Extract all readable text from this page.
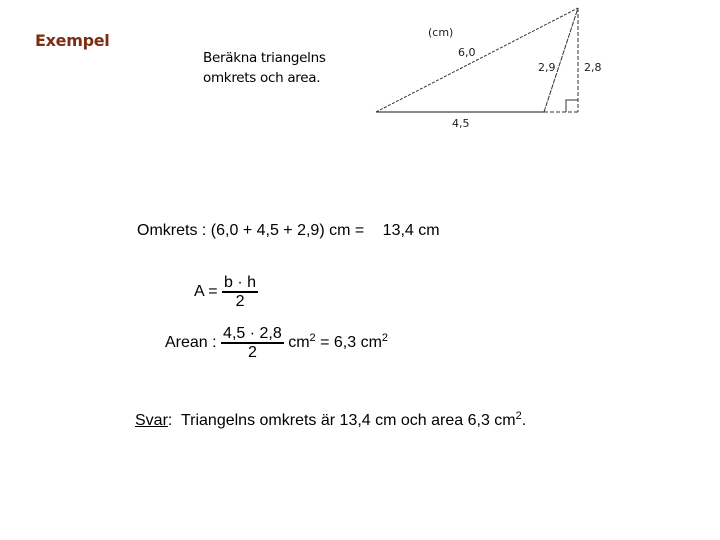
Exempel
Beräkna triangelns
omkrets och area.
(cm)
6,0
4,5
2,9	2,8
Omkrets : (6,0 + 4,5 + 2,9) cm = 13,4 cm
$A = \frac{b \cdot h}{2}$
Arean : $\frac{4,5 \cdot 2,8}{2} cm^2 = 6,3$ $cm^2$
Svar: Triangelns omkrets är 13,4 cm och area 6,3 $cm^2$.
